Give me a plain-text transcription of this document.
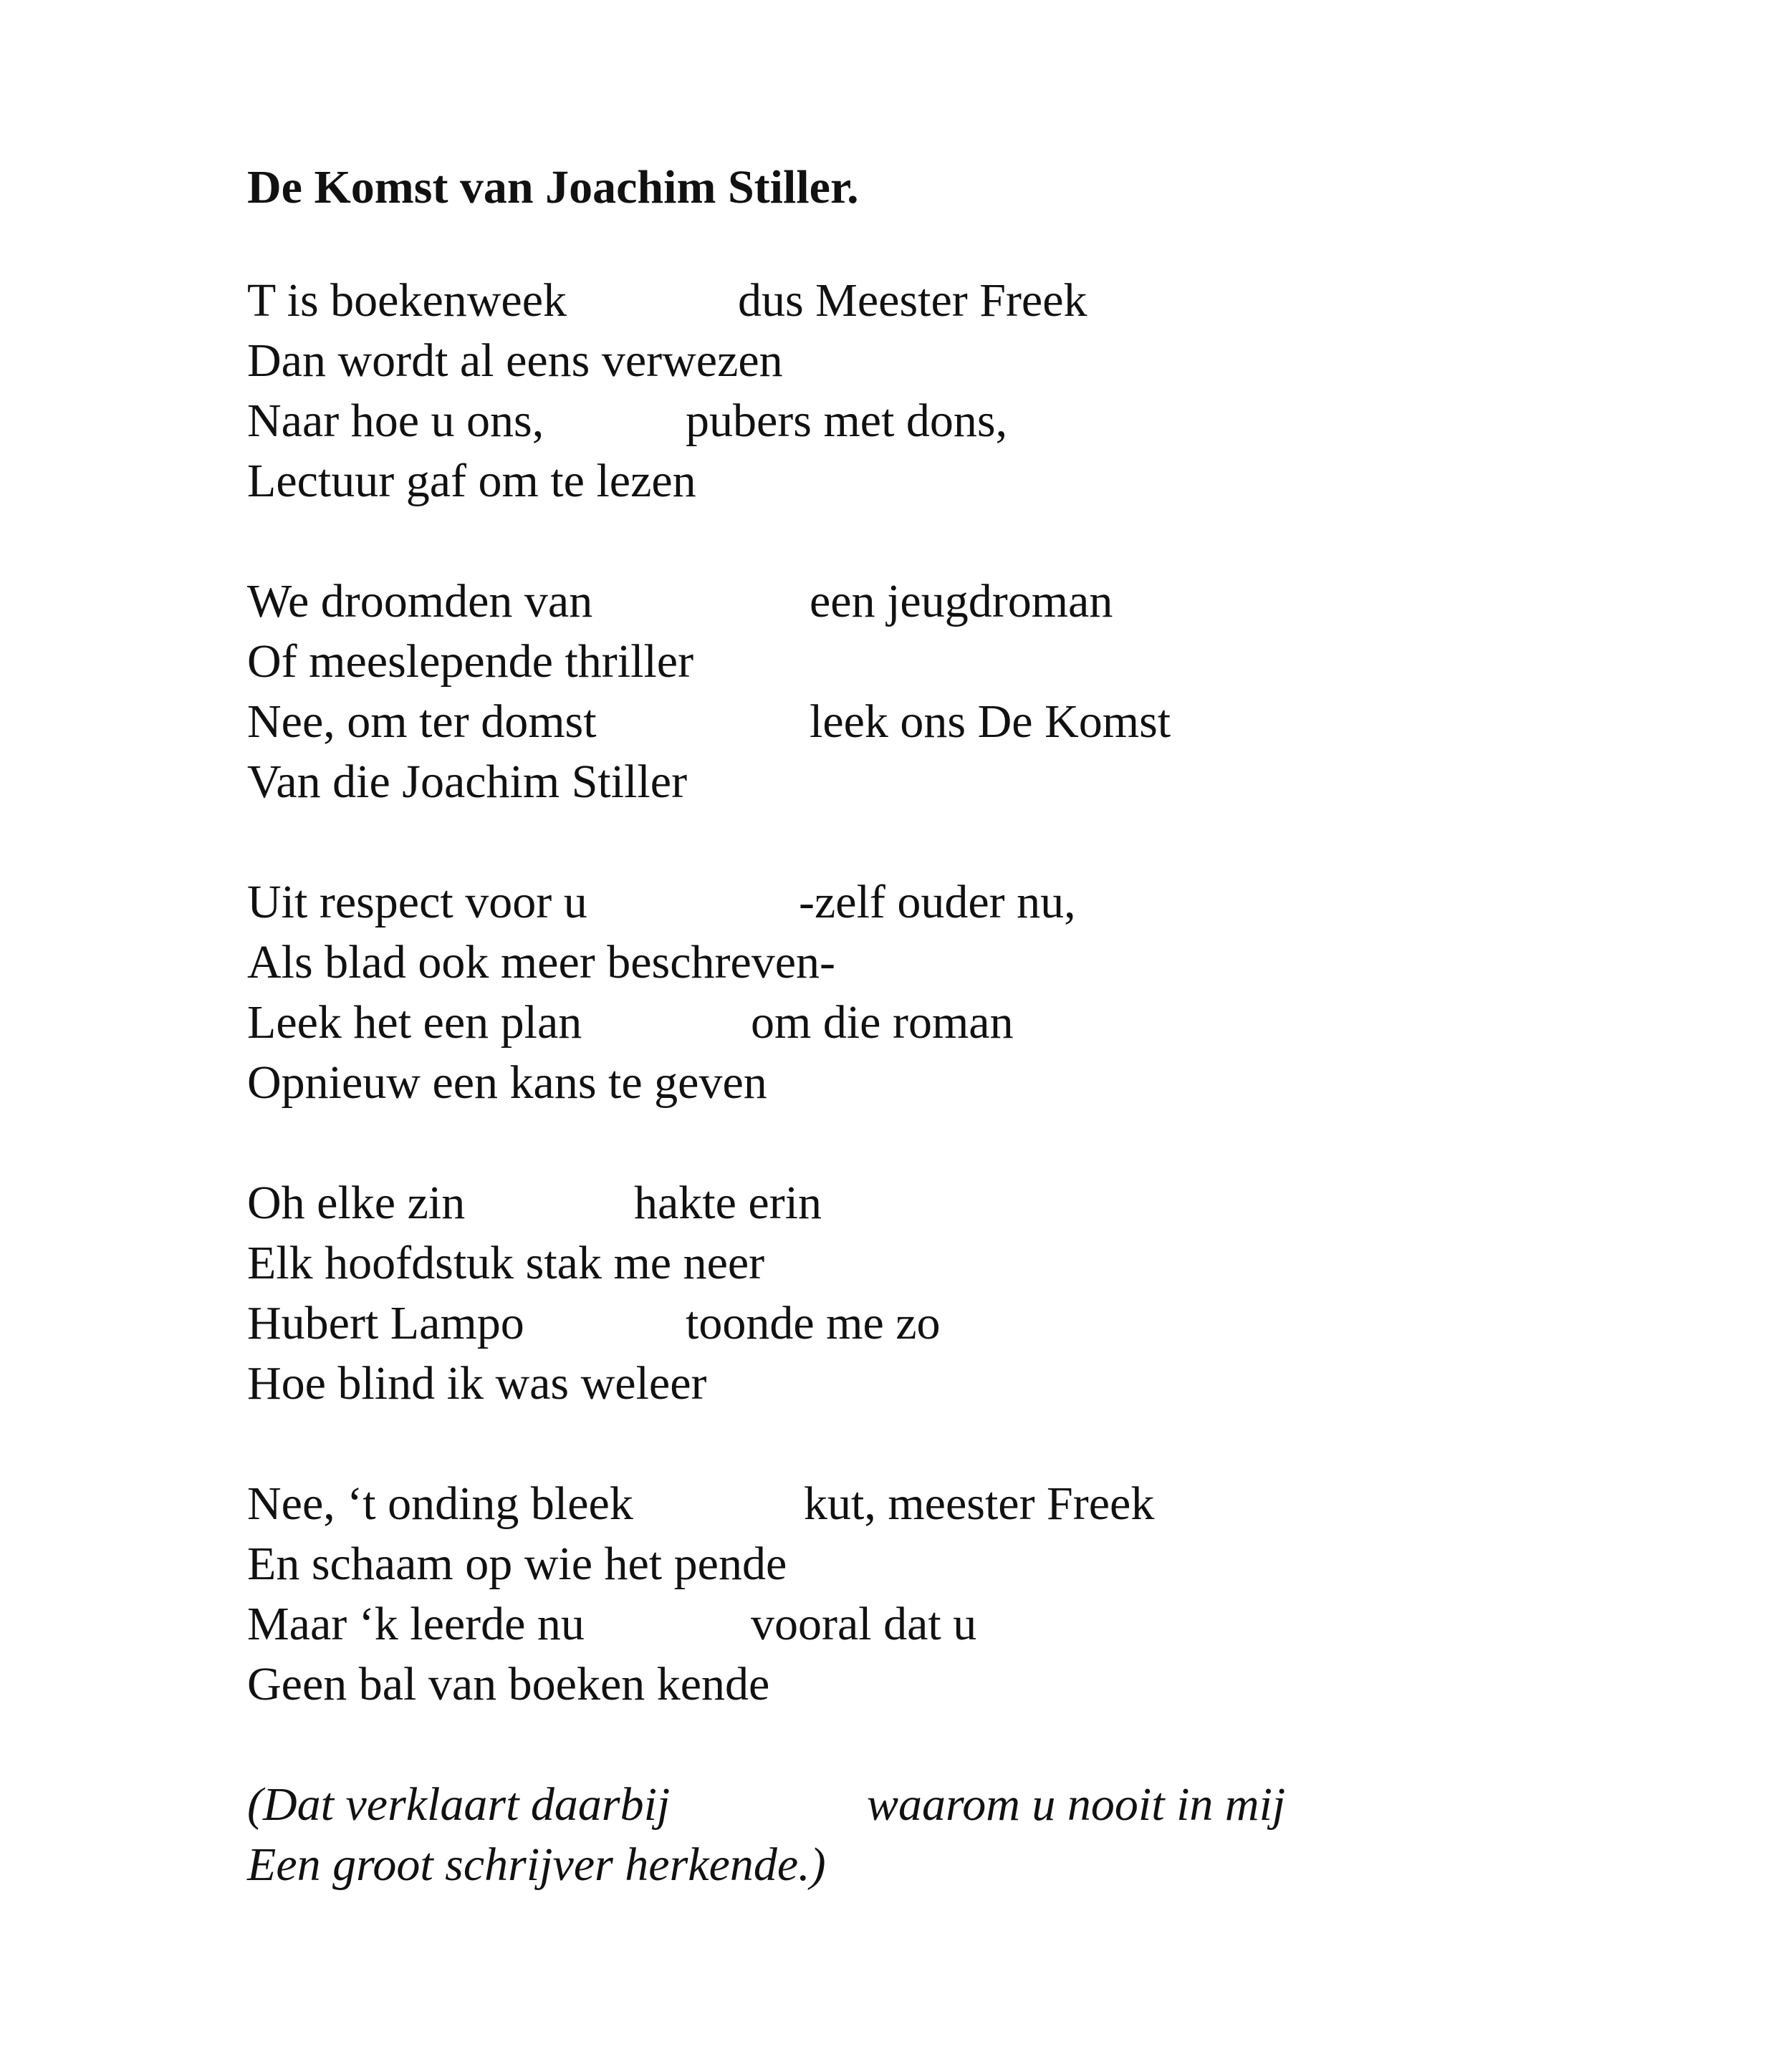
De Komst van Joachim Stiller.
T is boekenweek	dus Meester Freek
Dan wordt al eens verwezen
Naar hoe u ons,	pubers met dons,
Lectuur gaf om te lezen
We droomden van	een jeugdroman
Of meeslepende thriller
Nee, om ter domst	leek ons De Komst
Van die Joachim Stiller
Uit respect voor u	-zelf ouder nu,
Als blad ook meer beschreven-
Leek het een plan	om die roman
Opnieuw een kans te geven
Oh elke zin	hakte erin
Elk hoofdstuk stak me neer
Hubert Lampo	toonde me zo
Hoe blind ik was weleer
Nee, ‘t onding bleek	kut, meester Freek
En schaam op wie het pende
Maar ‘k leerde nu	vooral dat u
Geen bal van boeken kende
(Dat verklaart daarbij	waarom u nooit in mij
Een groot schrijver herkende.)
